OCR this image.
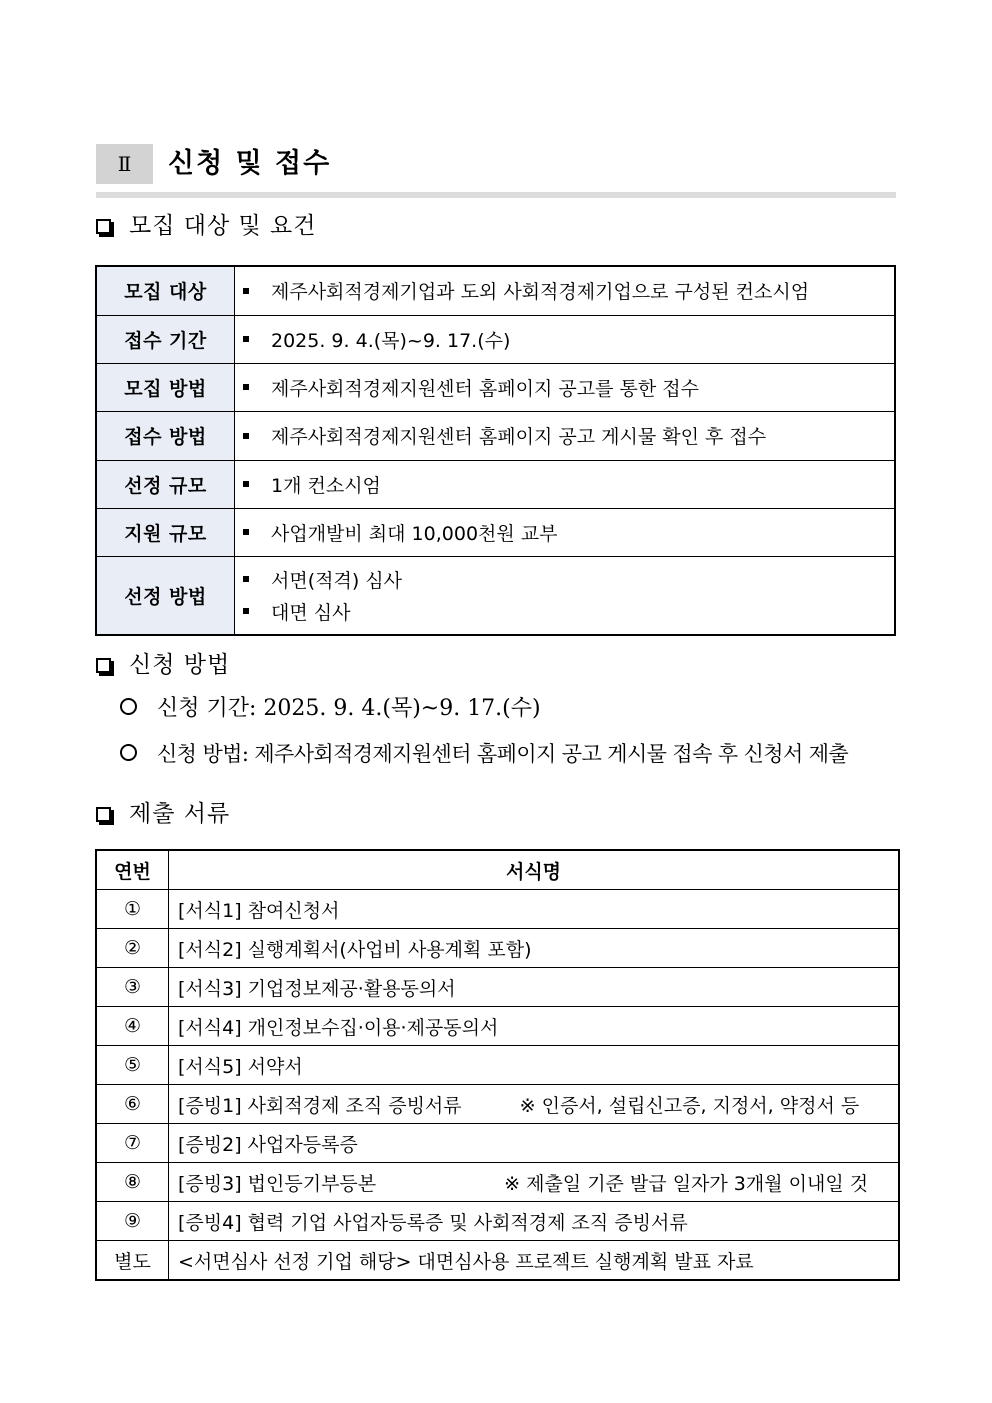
Ⅱ	신청 및 접수
모집 대상 및 요건
모집 대상	제주사회적경제기업과 도외 사회적경제기업으로 구성된 컨소시엄

접수 기간	2025. 9. 4.(목)~9. 17.(수)

모집 방법	제주사회적경제지원센터 홈페이지 공고를 통한 접수

접수 방법	제주사회적경제지원센터 홈페이지 공고 게시물 확인 후 접수

선정 규모	1개 컨소시엄

지원 규모	사업개발비 최대 10,000천원 교부

선정 방법	서면(적격) 심사
대면 심사
신청 방법
신청 기간: 2025. 9. 4.(목)~9. 17.(수)
신청 방법: 제주사회적경제지원센터 홈페이지 공고 게시물 접속 후 신청서 제출
제출 서류
연번	서식명
①	[서식1] 참여신청서
②	[서식2] 실행계획서(사업비 사용계획 포함)
③	[서식3] 기업정보제공·활용동의서
④	[서식4] 개인정보수집·이용·제공동의서
⑤	[서식5] 서약서
⑥	[증빙1] 사회적경제 조직 증빙서류 ※ 인증서, 설립신고증, 지정서, 약정서 등
⑦	[증빙2] 사업자등록증
⑧	[증빙3] 법인등기부등본 ※ 제출일 기준 발급 일자가 3개월 이내일 것
⑨	[증빙4] 협력 기업 사업자등록증 및 사회적경제 조직 증빙서류
별도	<서면심사 선정 기업 해당> 대면심사용 프로젝트 실행계획 발표 자료
